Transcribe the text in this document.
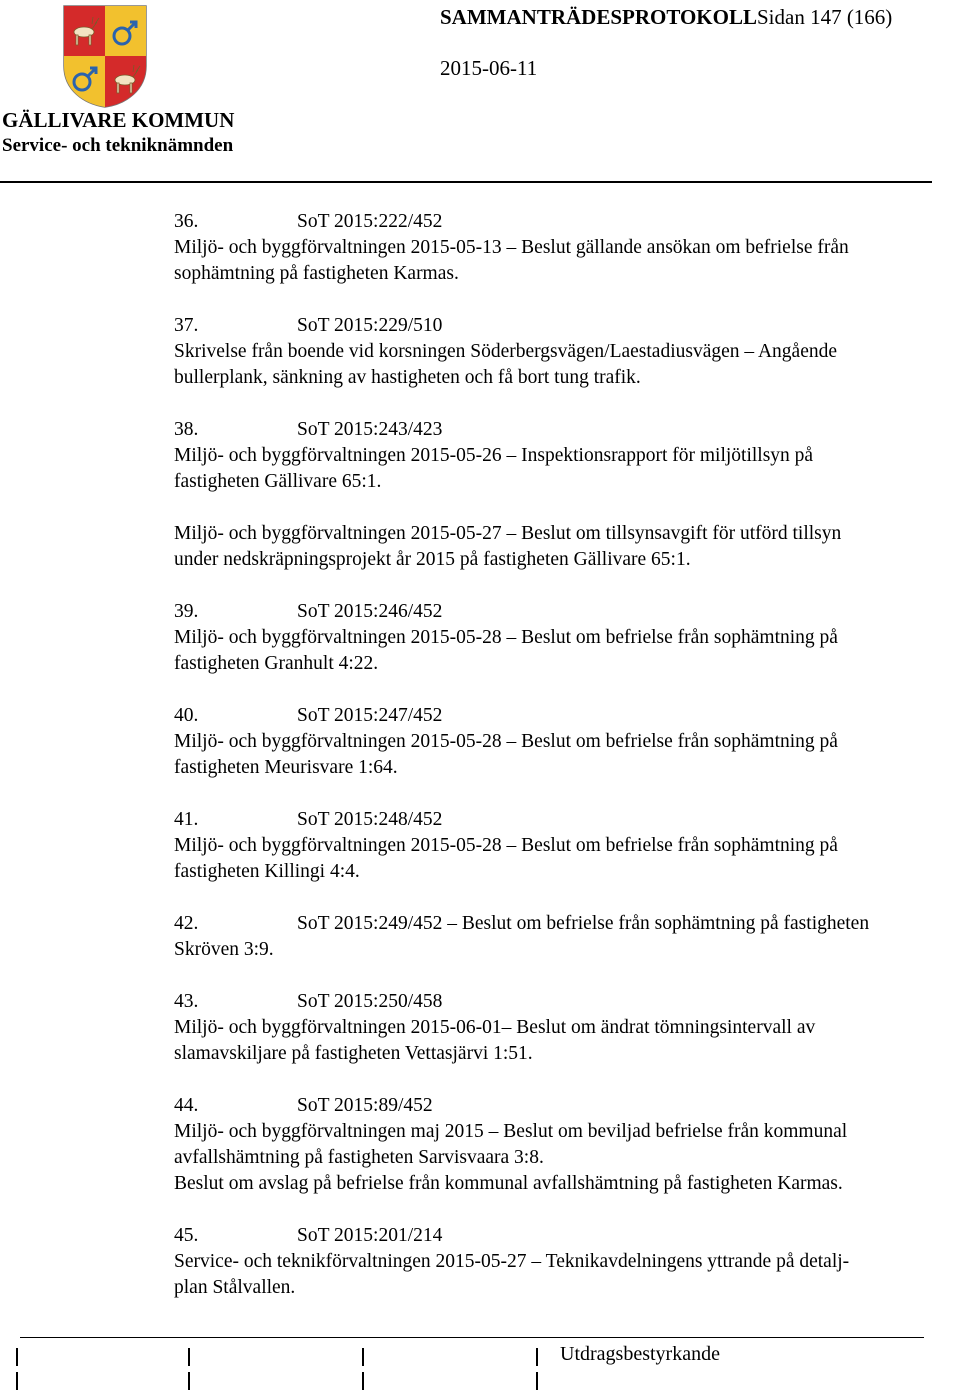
GÄLLIVARE KOMMUN
Service- och tekniknämnden
SAMMANTRÄDESPROTOKOLLSidan 147 (166)
2015-06-11
36.	SoT 2015:222/452
Miljö- och byggförvaltningen 2015-05-13 – Beslut gällande ansökan om befrielse från
sophämtning på fastigheten Karmas.
37.	SoT 2015:229/510
Skrivelse från boende vid korsningen Söderbergsvägen/Laestadiusvägen – Angående
bullerplank, sänkning av hastigheten och få bort tung trafik.
38.	SoT 2015:243/423
Miljö- och byggförvaltningen 2015-05-26 – Inspektionsrapport för miljötillsyn på
fastigheten Gällivare 65:1.
Miljö- och byggförvaltningen 2015-05-27 – Beslut om tillsynsavgift för utförd tillsyn
under nedskräpningsprojekt år 2015 på fastigheten Gällivare 65:1.
39.	SoT 2015:246/452
Miljö- och byggförvaltningen 2015-05-28 – Beslut om befrielse från sophämtning på
fastigheten Granhult 4:22.
40.	SoT 2015:247/452
Miljö- och byggförvaltningen 2015-05-28 – Beslut om befrielse från sophämtning på
fastigheten Meurisvare 1:64.
41.	SoT 2015:248/452
Miljö- och byggförvaltningen 2015-05-28 – Beslut om befrielse från sophämtning på
fastigheten Killingi 4:4.
42.	SoT 2015:249/452 – Beslut om befrielse från sophämtning på fastigheten
Skröven 3:9.
43.	SoT 2015:250/458
Miljö- och byggförvaltningen 2015-06-01– Beslut om ändrat tömningsintervall av
slamavskiljare på fastigheten Vettasjärvi 1:51.
44.	SoT 2015:89/452
Miljö- och byggförvaltningen maj 2015 – Beslut om beviljad befrielse från kommunal
avfallshämtning på fastigheten Sarvisvaara 3:8.
Beslut om avslag på befrielse från kommunal avfallshämtning på fastigheten Karmas.
45.	SoT 2015:201/214
Service- och teknikförvaltningen 2015-05-27 – Teknikavdelningens yttrande på detalj-
plan Stålvallen.
Utdragsbestyrkande
